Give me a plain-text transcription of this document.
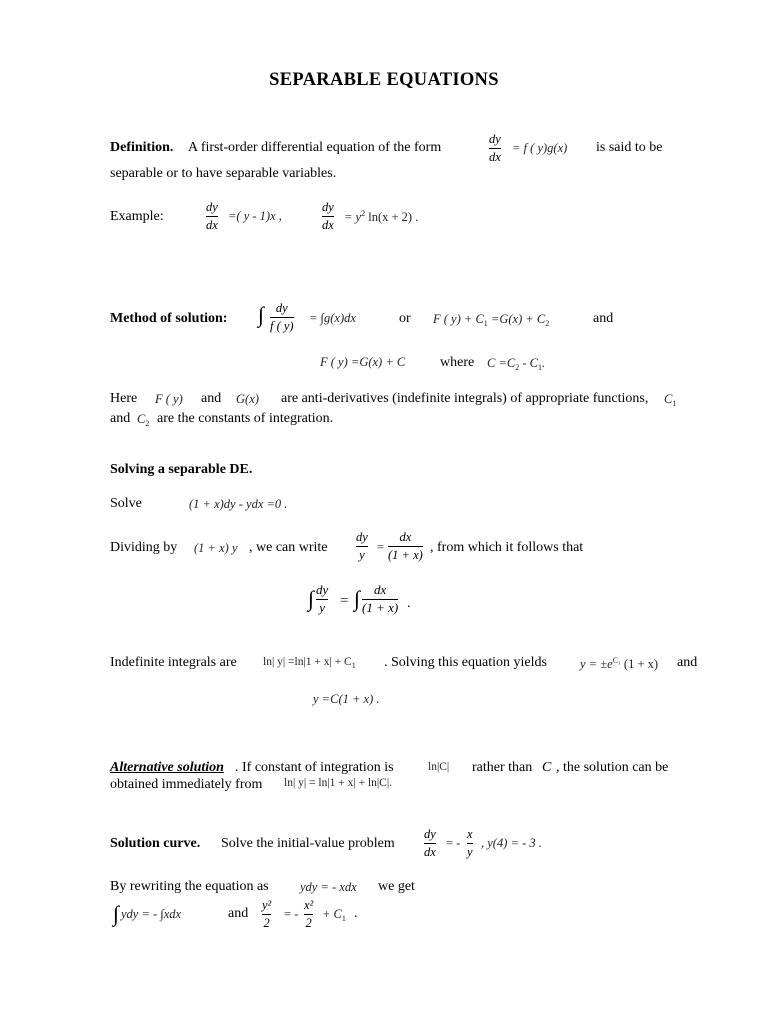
SEPARABLE EQUATIONS
Definition. A first-order differential equation of the form
dy
dx
= f ( y)g(x) is said to be
separable or to have separable variables.
Example:
dy
dx
=( y - 1)x ,
dy
dx
= $y^2$ ln(x + 2) .
Method of solution: ∫ dy
f ( y)
= ∫g(x)dx	or F ( $y) + C_1 =G(x) + C_2$	and
F ( y) =G(x) + C where $C =C_2 - C_1$.
Here F ( y) and G(x) are anti-derivatives (indefinite integrals) of appropriate functions, $C_1$
and $C_2$ are the constants of integration.
Solving a separable DE.
Solve	(1 + x)dy - ydx =0 .
Dividing by (1 + x) y , we can write
dy
y
=
dx
(1 + x) , from which it follows that
∫ dy
y = ∫ dx
(1 + x) .
Indefinite integrals are ln| $y| =\ln|1 + x| + C_1$ . Solving this equation yields	$y = \pm e^{C_1}$ (1 + x) and
y =C(1 + x) .
Alternative solution . If constant of integration is	ln|C| rather than C , the solution can be
obtained immediately from ln| y| = ln|1 + x| + ln|C|.
Solution curve. Solve the initial-value problem
dy
dx
= -
x
y
, y(4) = - 3 .
By rewriting the equation as	ydy = - xdx we get
∫ ydy = - ∫xdx	and
y²
2
= -
x²
2
+ $C_1$ .
